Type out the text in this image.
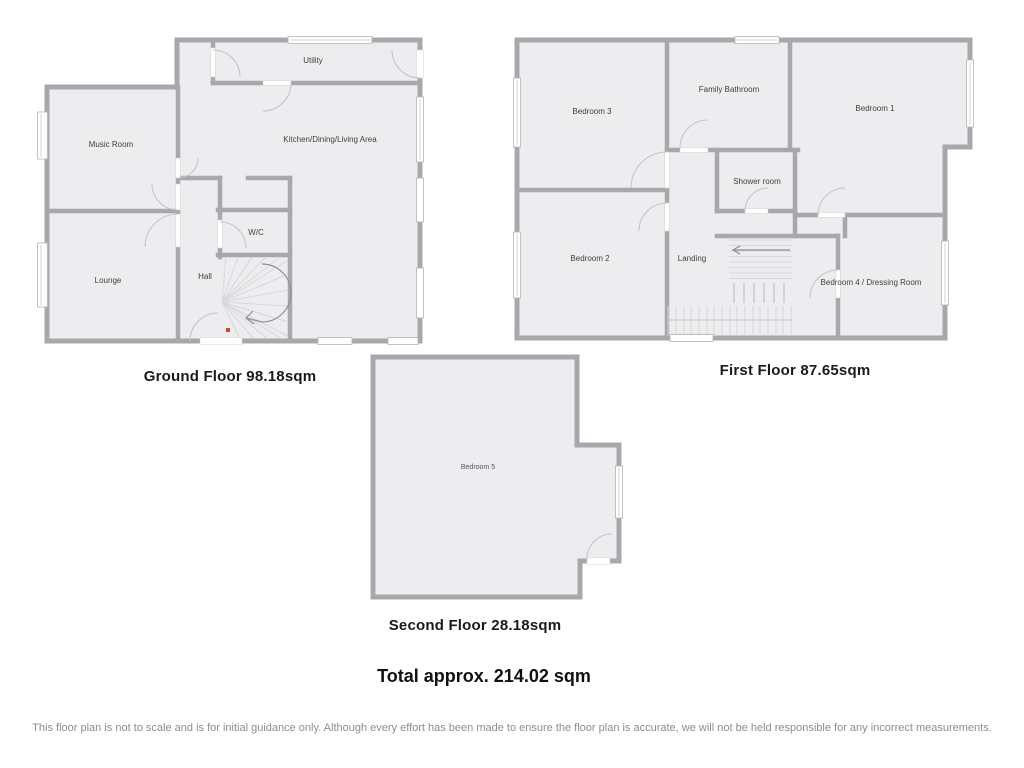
Utility
Kitchen/Dining/Living Area
Music Room
W/C
Hall
Lounge
Bedroom 3
Family Bathroom
Bedroom 1
Shower room
Bedroom 2	Landing
Bedroom 4 / Dressing Room
Bedroom 5
Ground Floor 98.18sqm	First Floor 87.65sqm
Second Floor 28.18sqm
Total approx. 214.02 sqm
This floor plan is not to scale and is for initial guidance only. Although every effort has been made to ensure the floor plan is accurate, we will not be held responsible for any incorrect measurements.
